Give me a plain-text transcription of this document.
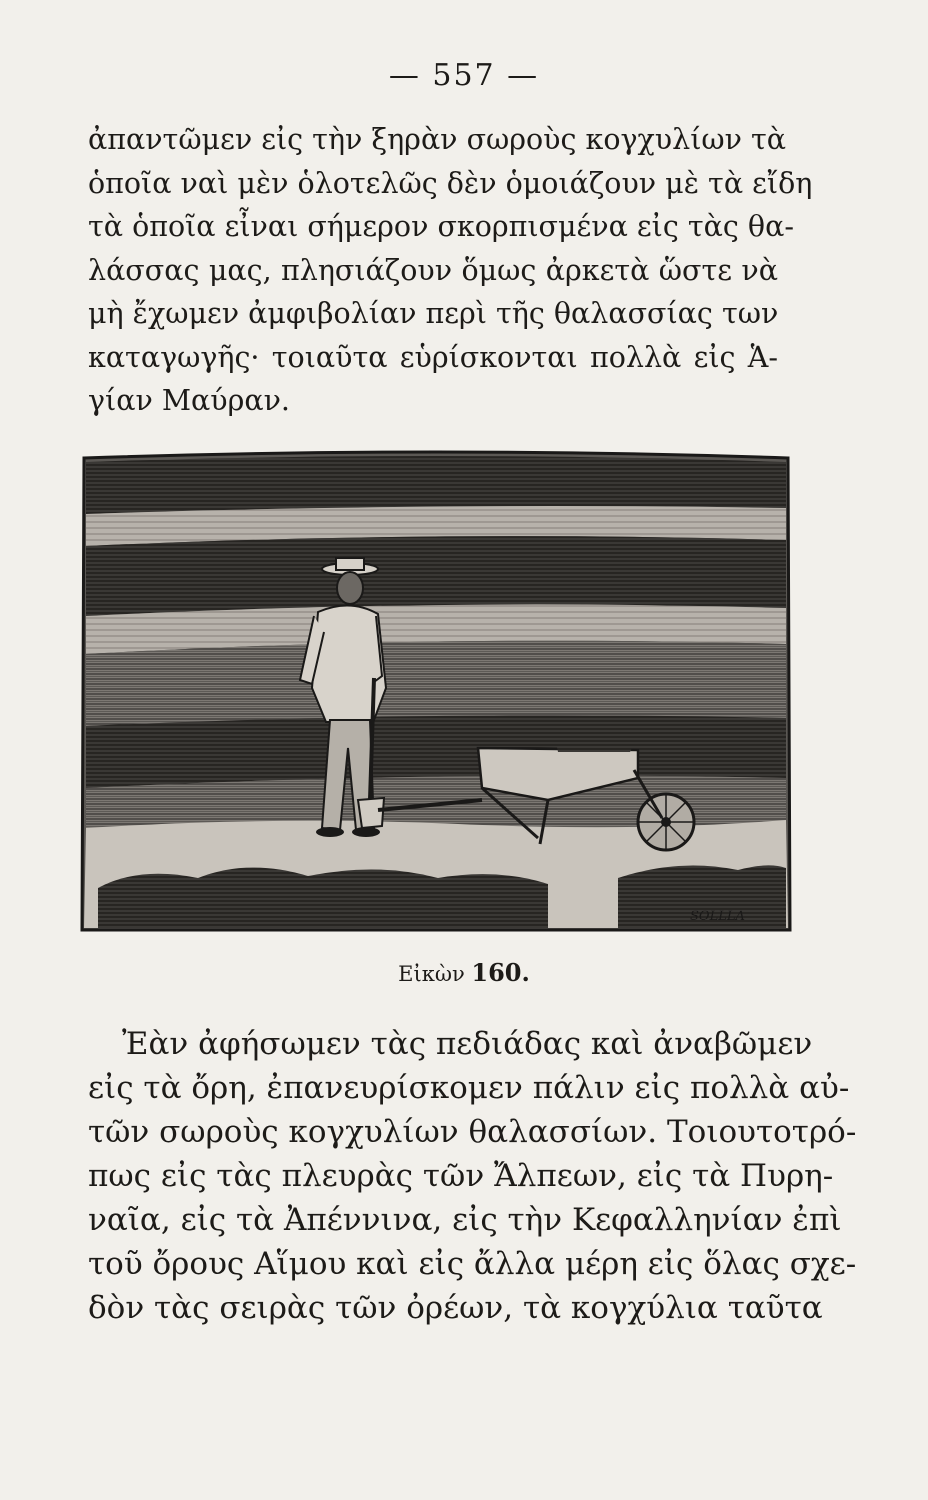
— 557 —
ἀπαντῶμεν εἰς τὴν ξηρὰν σωροὺς κογχυλίων τὰ
ὁποῖα ναὶ μὲν ὁλοτελῶς δὲν ὁμοιάζουν μὲ τὰ εἴδη
τὰ ὁποῖα εἶναι σήμερον σκορπισμένα εἰς τὰς θα-
λάσσας μας, πλησιάζουν ὅμως ἀρκετὰ ὥστε νὰ
μὴ ἔχωμεν ἀμφιβολίαν περὶ τῆς θαλασσίας των
καταγωγῆς· τοιαῦτα εὑρίσκονται πολλὰ εἰς Ἁ-
γίαν Μαύραν.
SOLLLA
Εἰκὼν 160.
Ἐὰν ἀφήσωμεν τὰς πεδιάδας καὶ ἀναβῶμεν
εἰς τὰ ὄρη, ἐπανευρίσκομεν πάλιν εἰς πολλὰ αὐ-
τῶν σωροὺς κογχυλίων θαλασσίων. Τοιουτοτρό-
πως εἰς τὰς πλευρὰς τῶν Ἄλπεων, εἰς τὰ Πυρη-
ναῖα, εἰς τὰ Ἀπέννινα, εἰς τὴν Κεφαλληνίαν ἐπὶ
τοῦ ὄρους Αἵμου καὶ εἰς ἄλλα μέρη εἰς ὅλας σχε-
δὸν τὰς σειρὰς τῶν ὀρέων, τὰ κογχύλια ταῦτα
